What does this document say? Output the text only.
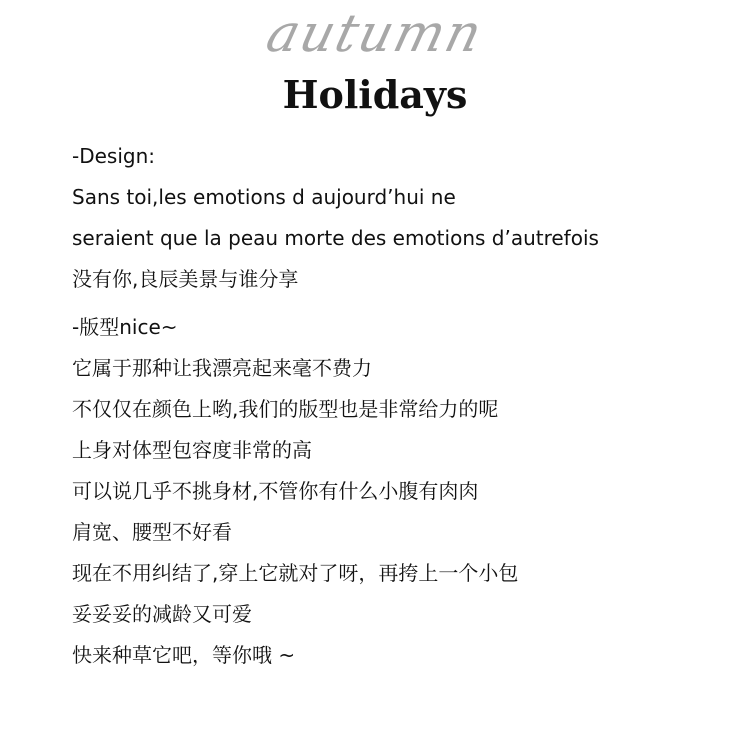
autumn
Holidays
-Design:
Sans toi,les emotions d aujourd’hui ne
seraient que la peau morte des emotions d’autrefois
没有你,良辰美景与谁分享
-版型nice~
它属于那种让我漂亮起来毫不费力
不仅仅在颜色上哟,我们的版型也是非常给力的呢
上身对体型包容度非常的高
可以说几乎不挑身材,不管你有什么小腹有肉肉
肩宽、腰型不好看
现在不用纠结了,穿上它就对了呀，再挎上一个小包
妥妥妥的减龄又可爱
快来种草它吧，等你哦 ~
